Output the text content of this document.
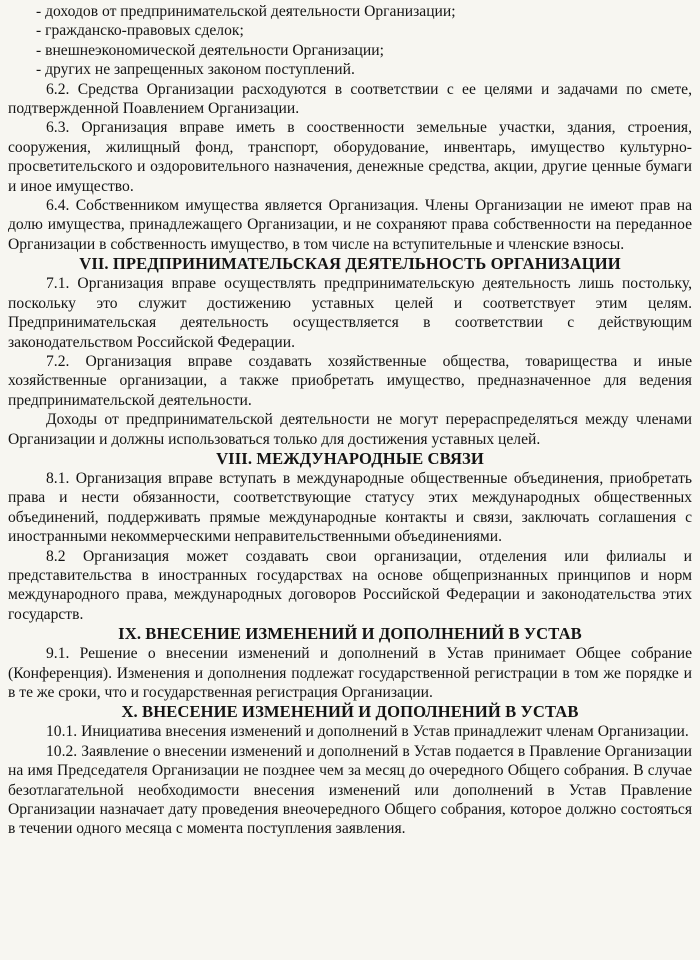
- доходов от предпринимательской деятельности Организации;

- гражданско-правовых сделок;

- внешнеэкономической деятельности Организации;

- других не запрещенных законом поступлений.

6.2. Средства Организации расходуются в соответствии с ее целями и задачами по смете, подтвержденной Поавлением Организации.

6.3. Организация вправе иметь в сооственности земельные участки, здания, строения, сооружения, жилищный фонд, транспорт, оборудование, инвентарь, имущество культурно-просветительского и оздоровительного назначения, денежные средства, акции, другие ценные бумаги и иное имущество.

6.4. Собственником имущества является Организация. Члены Организации не имеют прав на долю имущества, принадлежащего Организации, и не сохраняют права собственности на переданное Организации в собственность имущество, в том числе на вступительные и членские взносы.

VII. ПРЕДПРИНИМАТЕЛЬСКАЯ ДЕЯТЕЛЬНОСТЬ ОРГАНИЗАЦИИ

7.1. Организация вправе осуществлять предпринимательскую деятельность лишь постольку, поскольку это служит достижению уставных целей и соответствует этим целям. Предпринимательская деятельность осуществляется в соответствии с действующим законодательством Российской Федерации.

7.2. Организация вправе создавать хозяйственные общества, товарищества и иные хозяйственные организации, а также приобретать имущество, предназначенное для ведения предпринимательской деятельности.

Доходы от предпринимательской деятельности не могут перераспределяться между членами Организации и должны использоваться только для достижения уставных целей.

VIII. МЕЖДУНАРОДНЫЕ СВЯЗИ

8.1. Организация вправе вступать в международные общественные объединения, приобретать права и нести обязанности, соответствующие статусу этих международных общественных объединений, поддерживать прямые международные контакты и связи, заключать соглашения с иностранными некоммерческими неправительственными объединениями.

8.2 Организация может создавать свои организации, отделения или филиалы и представительства в иностранных государствах на основе общепризнанных принципов и норм международного права, международных договоров Российской Федерации и законодательства этих государств.

IX. ВНЕСЕНИЕ ИЗМЕНЕНИЙ И ДОПОЛНЕНИЙ В УСТАВ

9.1. Решение о внесении изменений и дополнений в Устав принимает Общее собрание (Конференция). Изменения и дополнения подлежат государственной регистрации в том же порядке и в те же сроки, что и государственная регистрация Организации.

X. ВНЕСЕНИЕ ИЗМЕНЕНИЙ И ДОПОЛНЕНИЙ В УСТАВ

10.1. Инициатива внесения изменений и дополнений в Устав принадлежит членам Организации.

10.2. Заявление о внесении изменений и дополнений в Устав подается в Правление Организации на имя Председателя Организации не позднее чем за месяц до очередного Общего собрания. В случае безотлагательной необходимости внесения изменений или дополнений в Устав Правление Организации назначает дату проведения внеочередного Общего собрания, которое должно состояться в течении одного месяца с момента поступления заявления.
